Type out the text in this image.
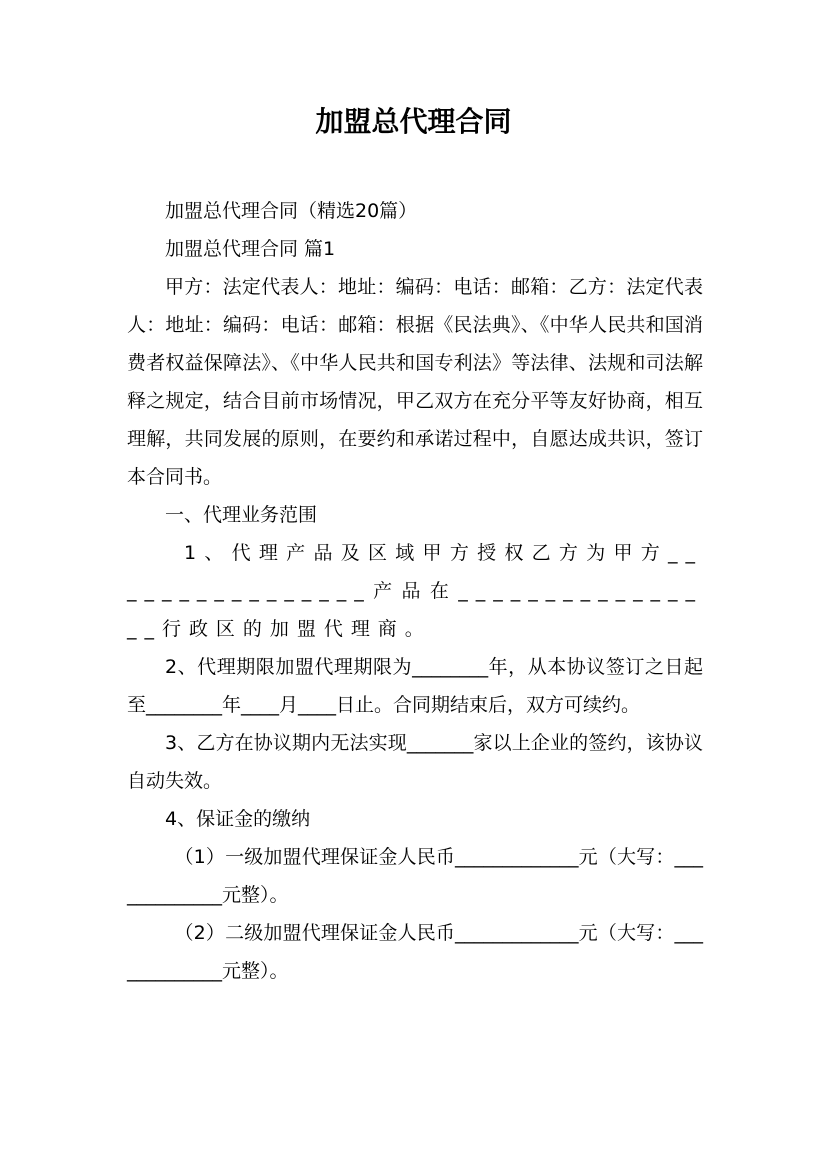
加盟总代理合同

加盟总代理合同（精选20篇）

加盟总代理合同 篇1

甲方：法定代表人：地址：编码：电话：邮箱：乙方：法定代表人：地址：编码：电话：邮箱：根据《民法典》、《中华人民共和国消费者权益保障法》、《中华人民共和国专利法》等法律、法规和司法解释之规定，结合目前市场情况，甲乙双方在充分平等友好协商，相互理解，共同发展的原则，在要约和承诺过程中，自愿达成共识，签订本合同书。

一、代理业务范围

1、代理产品及区域甲方授权乙方为甲方________________产品在________________行政区的加盟代理商。

2、代理期限加盟代理期限为________年，从本协议签订之日起至________年____月____日止。合同期结束后，双方可续约。

3、乙方在协议期内无法实现_______家以上企业的签约，该协议自动失效。

4、保证金的缴纳

（1）一级加盟代理保证金人民币_____________元（大写：_____________元整）。

（2）二级加盟代理保证金人民币_____________元（大写：_____________元整）。
